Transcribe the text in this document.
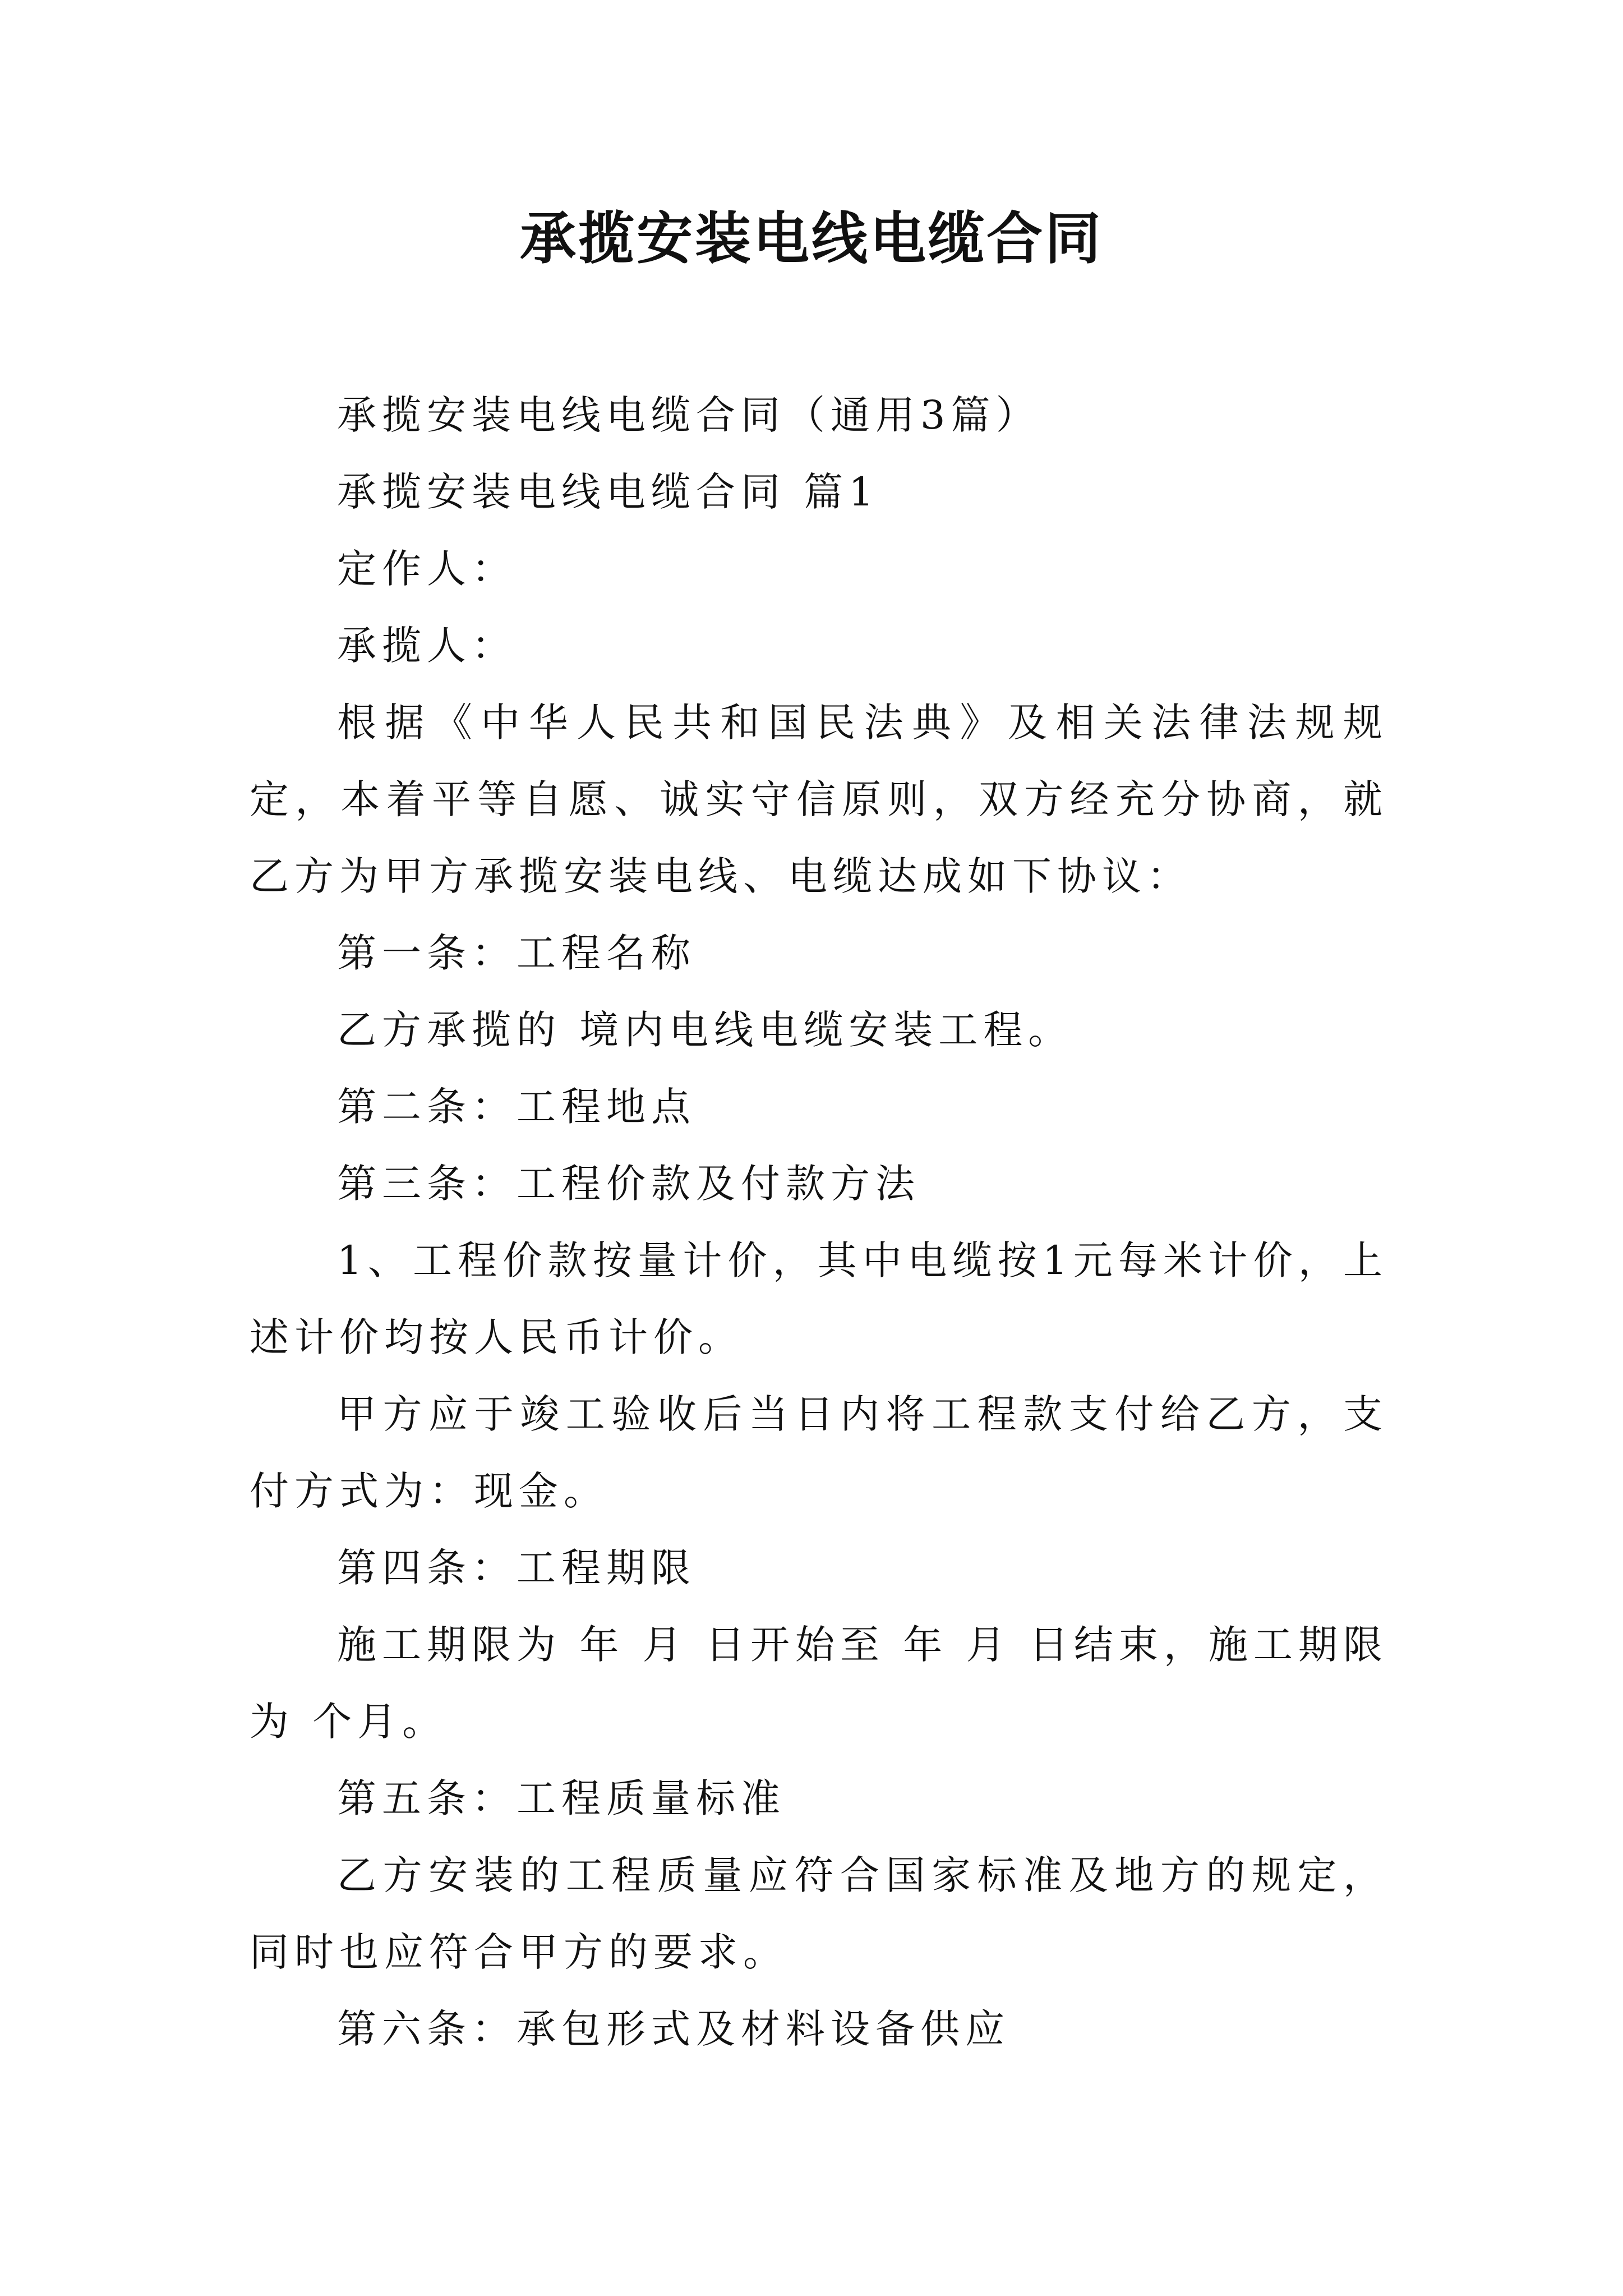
承揽安装电线电缆合同

承揽安装电线电缆合同（通用3篇）

承揽安装电线电缆合同 篇1

定作人：

承揽人：

根据《中华人民共和国民法典》及相关法律法规规定，本着平等自愿、诚实守信原则，双方经充分协商，就乙方为甲方承揽安装电线、电缆达成如下协议：

第一条：工程名称

乙方承揽的 境内电线电缆安装工程。

第二条：工程地点

第三条：工程价款及付款方法

1、工程价款按量计价，其中电缆按1元每米计价，上述计价均按人民币计价。

甲方应于竣工验收后当日内将工程款支付给乙方，支付方式为：现金。

第四条：工程期限

施工期限为 年 月 日开始至 年 月 日结束，施工期限为 个月。

第五条：工程质量标准

乙方安装的工程质量应符合国家标准及地方的规定，同时也应符合甲方的要求。

第六条：承包形式及材料设备供应
